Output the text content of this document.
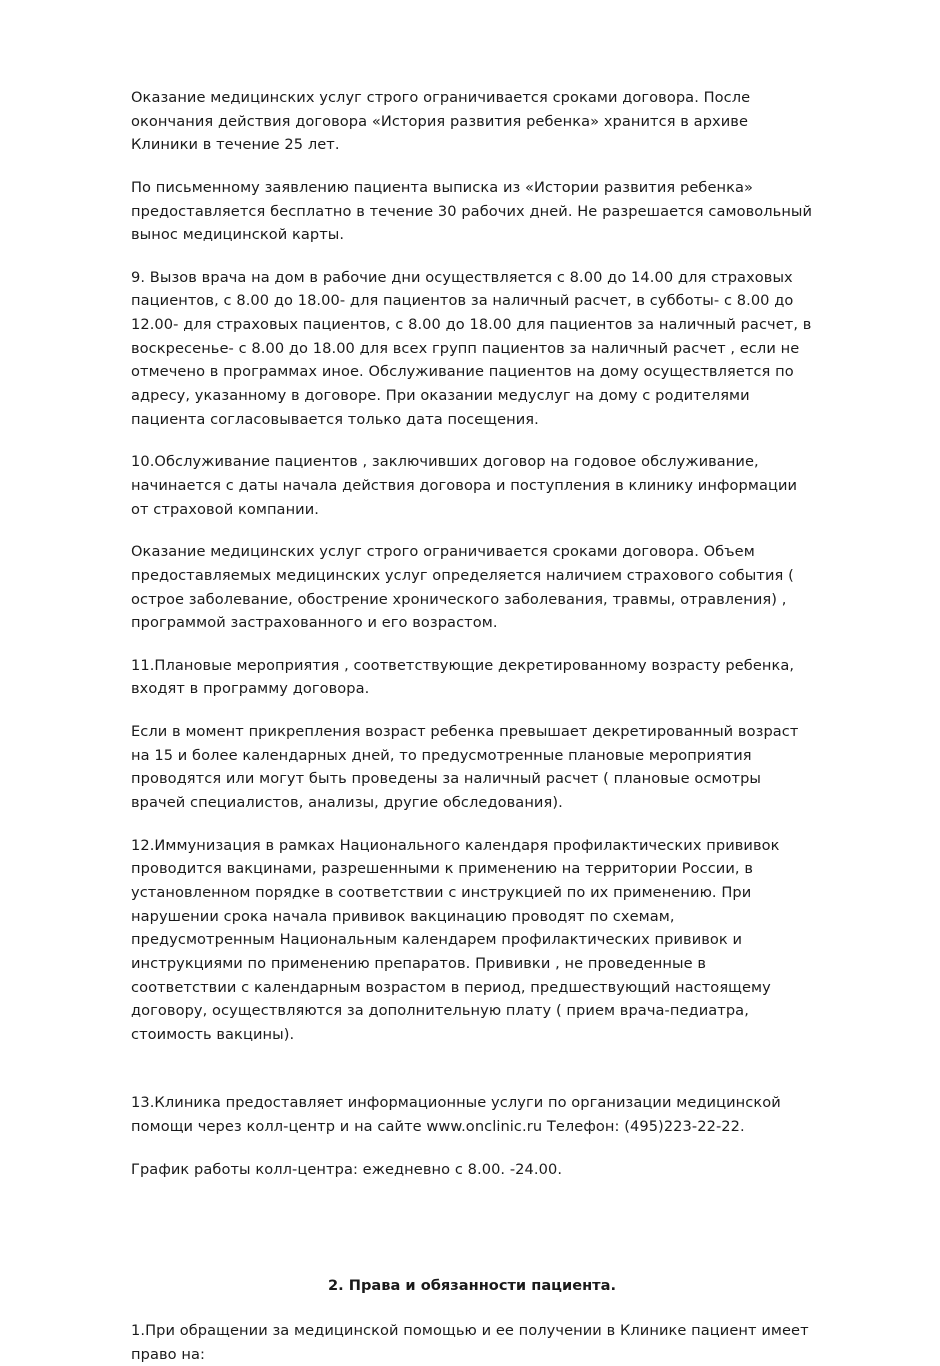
Оказание медицинских услуг строго ограничивается сроками договора. После окончания действия договора «История развития ребенка» хранится в архиве Клиники в течение 25 лет.

По письменному заявлению пациента выписка из «Истории развития ребенка» предоставляется бесплатно в течение 30 рабочих дней. Не разрешается самовольный вынос медицинской карты.

9. Вызов врача на дом в рабочие дни осуществляется с 8.00 до 14.00 для страховых пациентов, с 8.00 до 18.00- для пациентов за наличный расчет, в субботы- с 8.00 до 12.00- для страховых пациентов, с 8.00 до 18.00 для пациентов за наличный расчет, в воскресенье- с 8.00 до 18.00 для всех групп пациентов за наличный расчет , если не отмечено в программах иное. Обслуживание пациентов на дому осуществляется по адресу, указанному в договоре. При оказании медуслуг на дому с родителями пациента согласовывается только дата посещения.

10.Обслуживание пациентов , заключивших договор на годовое обслуживание, начинается с даты начала действия договора и поступления в клинику информации от страховой компании.

Оказание медицинских услуг строго ограничивается сроками договора. Объем предоставляемых медицинских услуг определяется наличием страхового события ( острое заболевание, обострение хронического заболевания, травмы, отравления) , программой застрахованного и его возрастом.

11.Плановые мероприятия , соответствующие декретированному возрасту ребенка, входят в программу договора.

Если в момент прикрепления возраст ребенка превышает декретированный возраст на 15 и более календарных дней, то предусмотренные плановые мероприятия проводятся или могут быть проведены за наличный расчет ( плановые осмотры врачей специалистов, анализы, другие обследования).

12.Иммунизация в рамках Национального календаря профилактических прививок проводится вакцинами, разрешенными к применению на территории России, в установленном порядке в соответствии с инструкцией по их применению. При нарушении срока начала прививок вакцинацию проводят по схемам, предусмотренным Национальным календарем профилактических прививок и инструкциями по применению препаратов. Прививки , не проведенные в соответствии с календарным возрастом в период, предшествующий настоящему договору, осуществляются за дополнительную плату ( прием врача-педиатра, стоимость вакцины).

13.Клиника предоставляет информационные услуги по организации медицинской помощи через колл-центр и на сайте www.onclinic.ru Телефон: (495)223-22-22.

График работы колл-центра: ежедневно с 8.00. -24.00.

2. Права и обязанности пациента.

1.При обращении за медицинской помощью и ее получении в Клинике пациент имеет право на:
